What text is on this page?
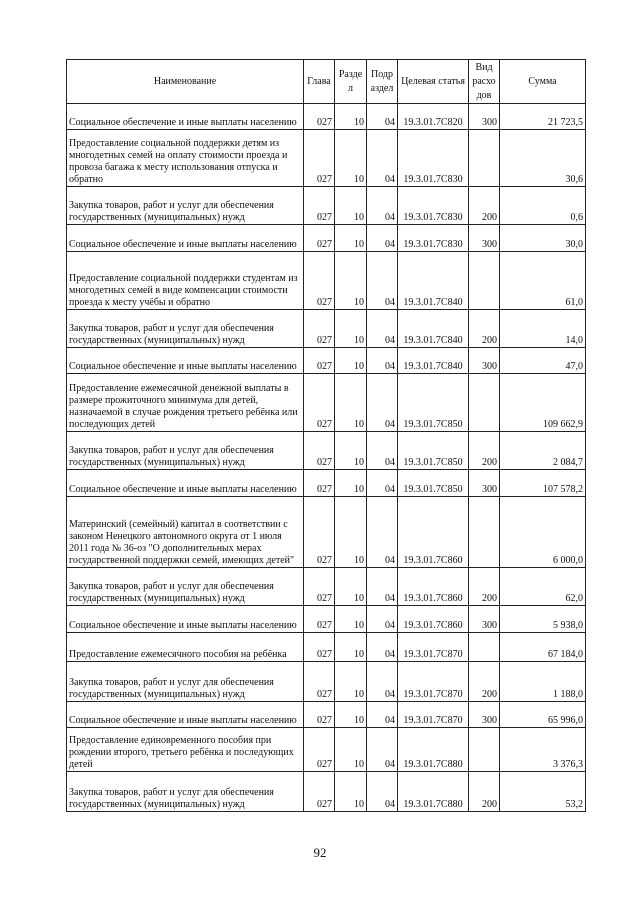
Наименование	Глава	Разде л	Подр аздел	Целевая статья	Вид расхо дов	Сумма
Социальное обеспечение и иные выплаты населению	027	10	04	19.3.01.7С820	300	21 723,5
Предоставление социальной поддержки детям из многодетных семей на оплату стоимости проезда и провоза багажа к месту использования отпуска и обратно	027	10	04	19.3.01.7С830		30,6
Закупка товаров, работ и услуг для обеспечения государственных (муниципальных) нужд	027	10	04	19.3.01.7С830	200	0,6
Социальное обеспечение и иные выплаты населению	027	10	04	19.3.01.7С830	300	30,0
Предоставление социальной поддержки студентам из многодетных семей в виде компенсации стоимости проезда к месту учёбы и обратно	027	10	04	19.3.01.7С840		61,0
Закупка товаров, работ и услуг для обеспечения государственных (муниципальных) нужд	027	10	04	19.3.01.7С840	200	14,0
Социальное обеспечение и иные выплаты населению	027	10	04	19.3.01.7С840	300	47,0
Предоставление ежемесячной денежной выплаты в размере прожиточного минимума для детей, назначаемой в случае рождения третьего ребёнка или последующих детей	027	10	04	19.3.01.7С850		109 662,9
Закупка товаров, работ и услуг для обеспечения государственных (муниципальных) нужд	027	10	04	19.3.01.7С850	200	2 084,7
Социальное обеспечение и иные выплаты населению	027	10	04	19.3.01.7С850	300	107 578,2
Материнский (семейный) капитал в соответствии с законом Ненецкого автономного округа от 1 июля 2011 года № 36-оз "О дополнительных мерах государственной поддержки семей, имеющих детей"	027	10	04	19.3.01.7С860		6 000,0
Закупка товаров, работ и услуг для обеспечения государственных (муниципальных) нужд	027	10	04	19.3.01.7С860	200	62,0
Социальное обеспечение и иные выплаты населению	027	10	04	19.3.01.7С860	300	5 938,0
Предоставление ежемесячного пособия на ребёнка	027	10	04	19.3.01.7С870		67 184,0
Закупка товаров, работ и услуг для обеспечения государственных (муниципальных) нужд	027	10	04	19.3.01.7С870	200	1 188,0
Социальное обеспечение и иные выплаты населению	027	10	04	19.3.01.7С870	300	65 996,0
Предоставление единовременного пособия при рождении второго, третьего ребёнка и последующих детей	027	10	04	19.3.01.7С880		3 376,3
Закупка товаров, работ и услуг для обеспечения государственных (муниципальных) нужд	027	10	04	19.3.01.7С880	200	53,2
92
